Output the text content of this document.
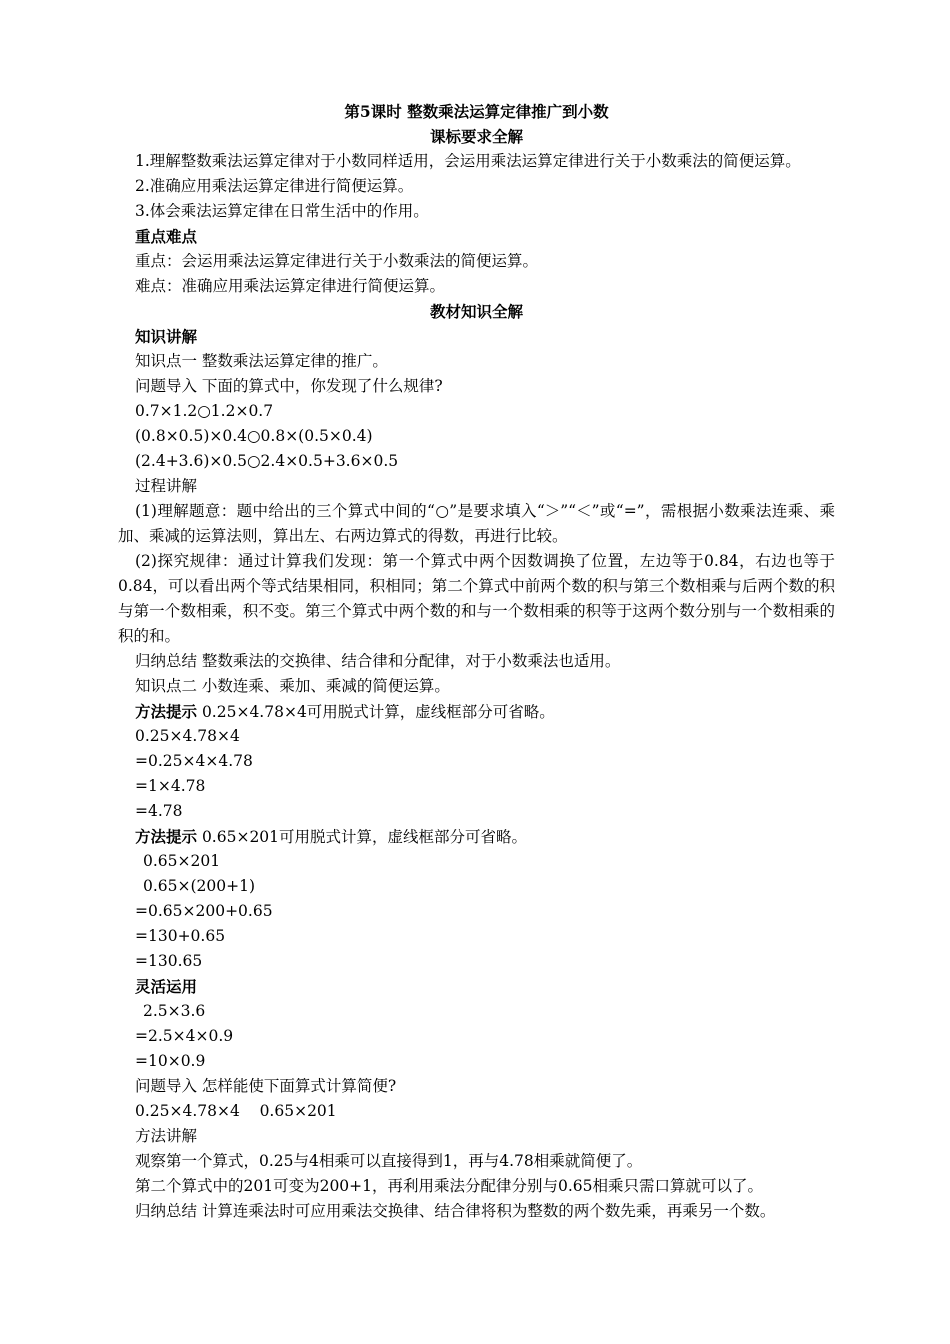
第5课时 整数乘法运算定律推广到小数
课标要求全解

1.理解整数乘法运算定律对于小数同样适用，会运用乘法运算定律进行关于小数乘法的简便运算。

2.准确应用乘法运算定律进行简便运算。
3.体会乘法运算定律在日常生活中的作用。
重点难点
重点：会运用乘法运算定律进行关于小数乘法的简便运算。
难点：准确应用乘法运算定律进行简便运算。
教材知识全解
知识讲解
知识点一 整数乘法运算定律的推广。
问题导入 下面的算式中，你发现了什么规律?
0.7×1.2○1.2×0.7
(0.8×0.5)×0.4○0.8×(0.5×0.4)
(2.4+3.6)×0.5○2.4×0.5+3.6×0.5
过程讲解

(1)理解题意：题中给出的三个算式中间的“○”是要求填入“＞”“＜”或“=”，需根据小数乘法连乘、乘加、乘减的运算法则，算出左、右两边算式的得数，再进行比较。

(2)探究规律：通过计算我们发现：第一个算式中两个因数调换了位置，左边等于0.84，右边也等于0.84，可以看出两个等式结果相同，积相同；第二个算式中前两个数的积与第三个数相乘与后两个数的积与第一个数相乘，积不变。第三个算式中两个数的和与一个数相乘的积等于这两个数分别与一个数相乘的积的和。

归纳总结 整数乘法的交换律、结合律和分配律，对于小数乘法也适用。
知识点二 小数连乘、乘加、乘减的简便运算。
方法提示 0.25×4.78×4可用脱式计算，虚线框部分可省略。
0.25×4.78×4
=0.25×4×4.78
=1×4.78
=4.78
方法提示 0.65×201可用脱式计算，虚线框部分可省略。
0.65×201
0.65×(200+1)
=0.65×200+0.65
=130+0.65
=130.65
灵活运用
2.5×3.6
=2.5×4×0.9
=10×0.9
问题导入 怎样能使下面算式计算简便?
0.25×4.78×4    0.65×201
方法讲解
观察第一个算式，0.25与4相乘可以直接得到1，再与4.78相乘就简便了。
第二个算式中的201可变为200+1，再利用乘法分配律分别与0.65相乘只需口算就可以了。
归纳总结 计算连乘法时可应用乘法交换律、结合律将积为整数的两个数先乘，再乘另一个数。
